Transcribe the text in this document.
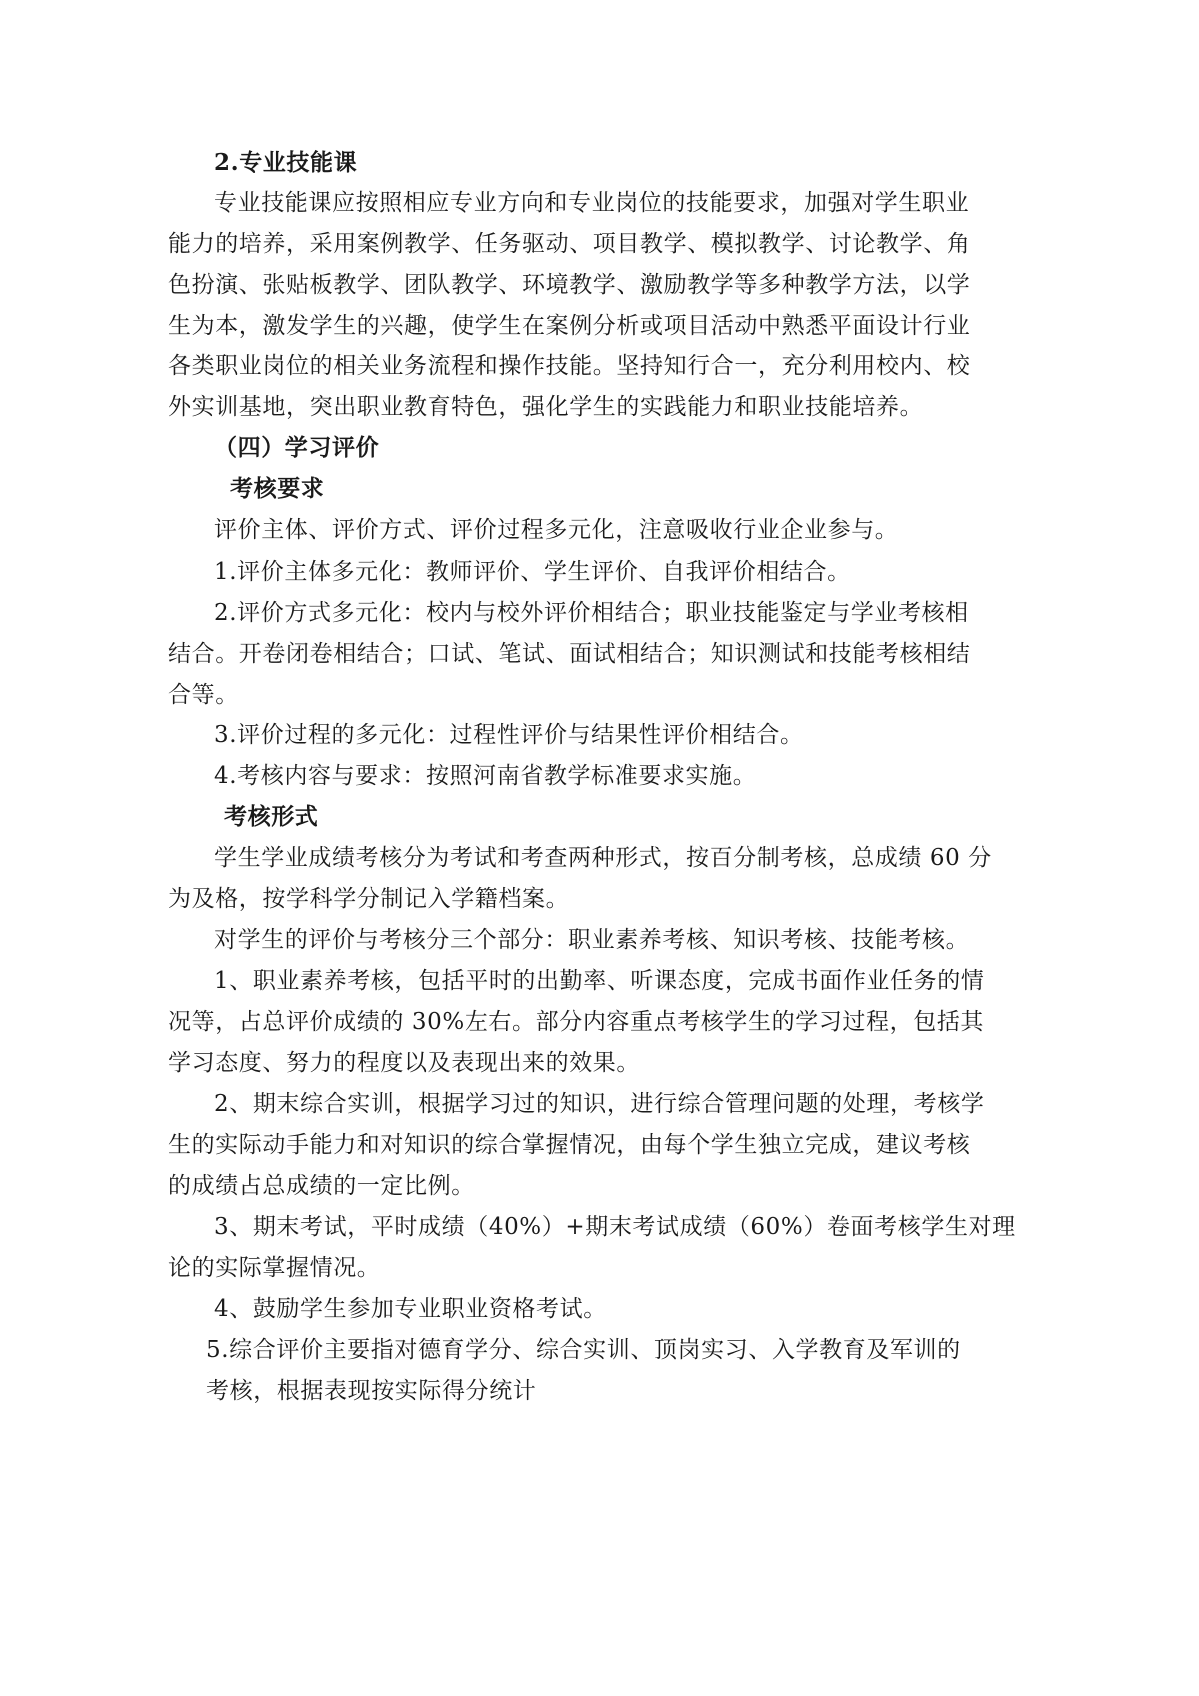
2.专业技能课
专业技能课应按照相应专业方向和专业岗位的技能要求，加强对学生职业
能力的培养，采用案例教学、任务驱动、项目教学、模拟教学、讨论教学、角
色扮演、张贴板教学、团队教学、环境教学、激励教学等多种教学方法，以学
生为本，激发学生的兴趣，使学生在案例分析或项目活动中熟悉平面设计行业
各类职业岗位的相关业务流程和操作技能。坚持知行合一，充分利用校内、校
外实训基地，突出职业教育特色，强化学生的实践能力和职业技能培养。
（四）学习评价
考核要求
评价主体、评价方式、评价过程多元化，注意吸收行业企业参与。
1.评价主体多元化：教师评价、学生评价、自我评价相结合。
2.评价方式多元化：校内与校外评价相结合；职业技能鉴定与学业考核相
结合。开卷闭卷相结合；口试、笔试、面试相结合；知识测试和技能考核相结
合等。
3.评价过程的多元化：过程性评价与结果性评价相结合。
4.考核内容与要求：按照河南省教学标准要求实施。
考核形式
学生学业成绩考核分为考试和考查两种形式，按百分制考核，总成绩 60 分
为及格，按学科学分制记入学籍档案。
对学生的评价与考核分三个部分：职业素养考核、知识考核、技能考核。
1、职业素养考核，包括平时的出勤率、听课态度，完成书面作业任务的情
况等，占总评价成绩的 30%左右。部分内容重点考核学生的学习过程，包括其
学习态度、努力的程度以及表现出来的效果。
2、期末综合实训，根据学习过的知识，进行综合管理问题的处理，考核学
生的实际动手能力和对知识的综合掌握情况，由每个学生独立完成，建议考核
的成绩占总成绩的一定比例。
3、期末考试，平时成绩（40%）+期末考试成绩（60%）卷面考核学生对理
论的实际掌握情况。
4、鼓励学生参加专业职业资格考试。
5.综合评价主要指对德育学分、综合实训、顶岗实习、入学教育及军训的
考核，根据表现按实际得分统计
